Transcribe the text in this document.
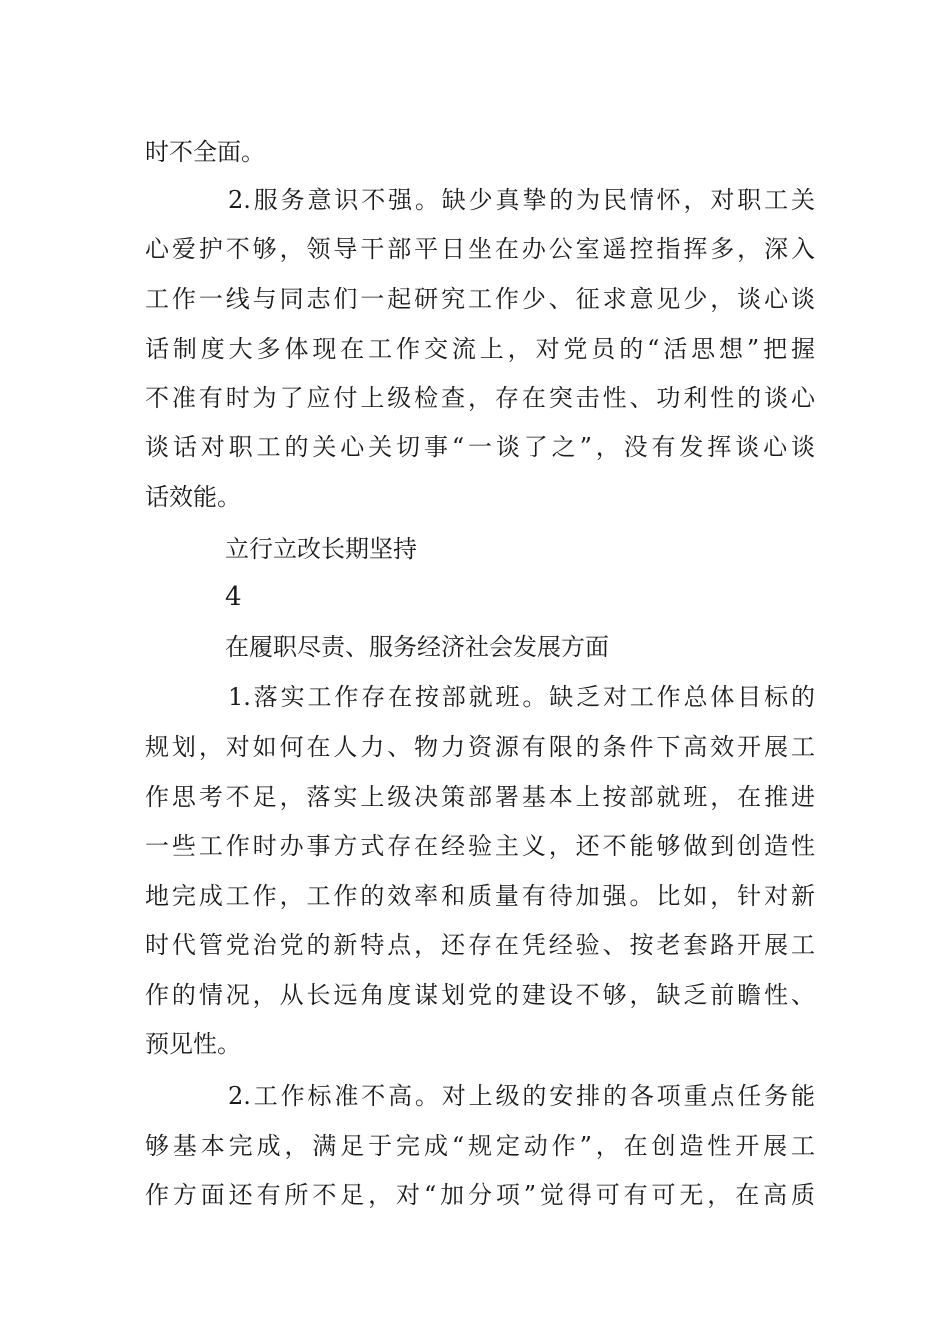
时不全面。
2.服务意识不强。缺少真挚的为民情怀，对职工关
心爱护不够，领导干部平日坐在办公室遥控指挥多，深入
工作一线与同志们一起研究工作少、征求意见少，谈心谈
话制度大多体现在工作交流上，对党员的“活思想”把握
不准有时为了应付上级检查，存在突击性、功利性的谈心
谈话对职工的关心关切事“一谈了之”，没有发挥谈心谈
话效能。
立行立改长期坚持
4
在履职尽责、服务经济社会发展方面
1.落实工作存在按部就班。缺乏对工作总体目标的
规划，对如何在人力、物力资源有限的条件下高效开展工
作思考不足，落实上级决策部署基本上按部就班，在推进
一些工作时办事方式存在经验主义，还不能够做到创造性
地完成工作，工作的效率和质量有待加强。比如，针对新
时代管党治党的新特点，还存在凭经验、按老套路开展工
作的情况，从长远角度谋划党的建设不够，缺乏前瞻性、
预见性。
2.工作标准不高。对上级的安排的各项重点任务能
够基本完成，满足于完成“规定动作”，在创造性开展工
作方面还有所不足，对“加分项”觉得可有可无，在高质
